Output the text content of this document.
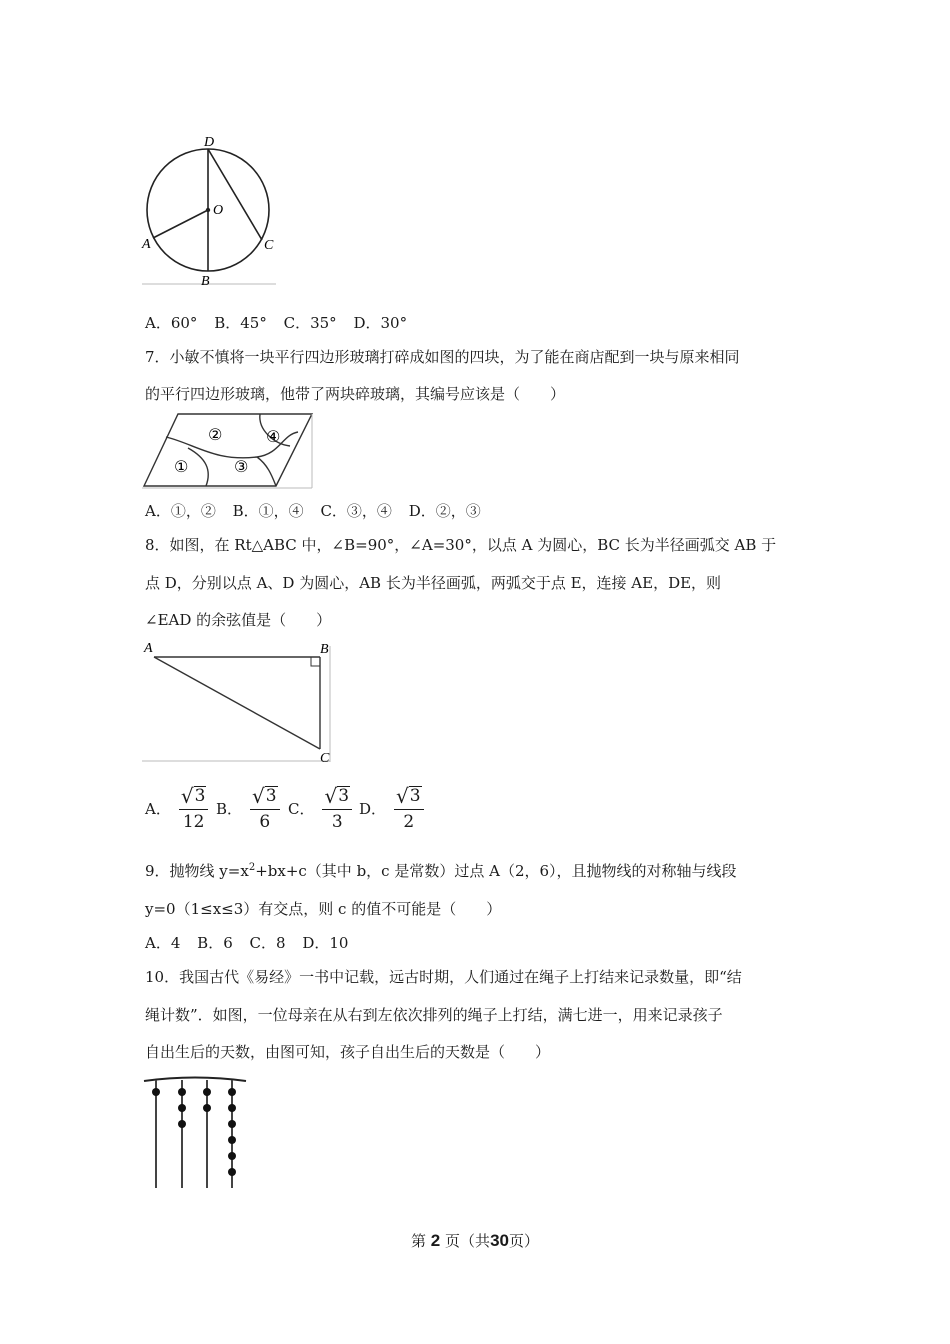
D
O
A	C
B
A．60° B．45° C．35° D．30°
7．小敏不慎将一块平行四边形玻璃打碎成如图的四块，为了能在商店配到一块与原来相同
的平行四边形玻璃，他带了两块碎玻璃，其编号应该是（　　）
①
②
③
④
A．①，② B．①，④ C．③，④ D．②，③
8．如图，在 Rt△ABC 中，∠B=90°，∠A=30°，以点 A 为圆心，BC 长为半径画弧交 AB 于
点 D，分别以点 A、D 为圆心，AB 长为半径画弧，两弧交于点 E，连接 AE，DE，则
∠EAD 的余弦值是（　　）
A	B
C
A． $\frac{√ 3}{12}$ B． $\frac{√ 3}{6}$ C． $\frac{√ 3}{3}$ D． $\frac{√ 3}{2}$
9．抛物线 $y=x^2+bx+c$（其中 b，c 是常数）过点 A（2，6），且抛物线的对称轴与线段
y=0（1≤x≤3）有交点，则 c 的值不可能是（　　）
A．4 B．6 C．8 D．10
10．我国古代《易经》一书中记载，远古时期，人们通过在绳子上打结来记录数量，即“结
绳计数”．如图，一位母亲在从右到左依次排列的绳子上打结，满七进一，用来记录孩子
自出生后的天数，由图可知，孩子自出生后的天数是（　　）
第 2 页（共30页）
